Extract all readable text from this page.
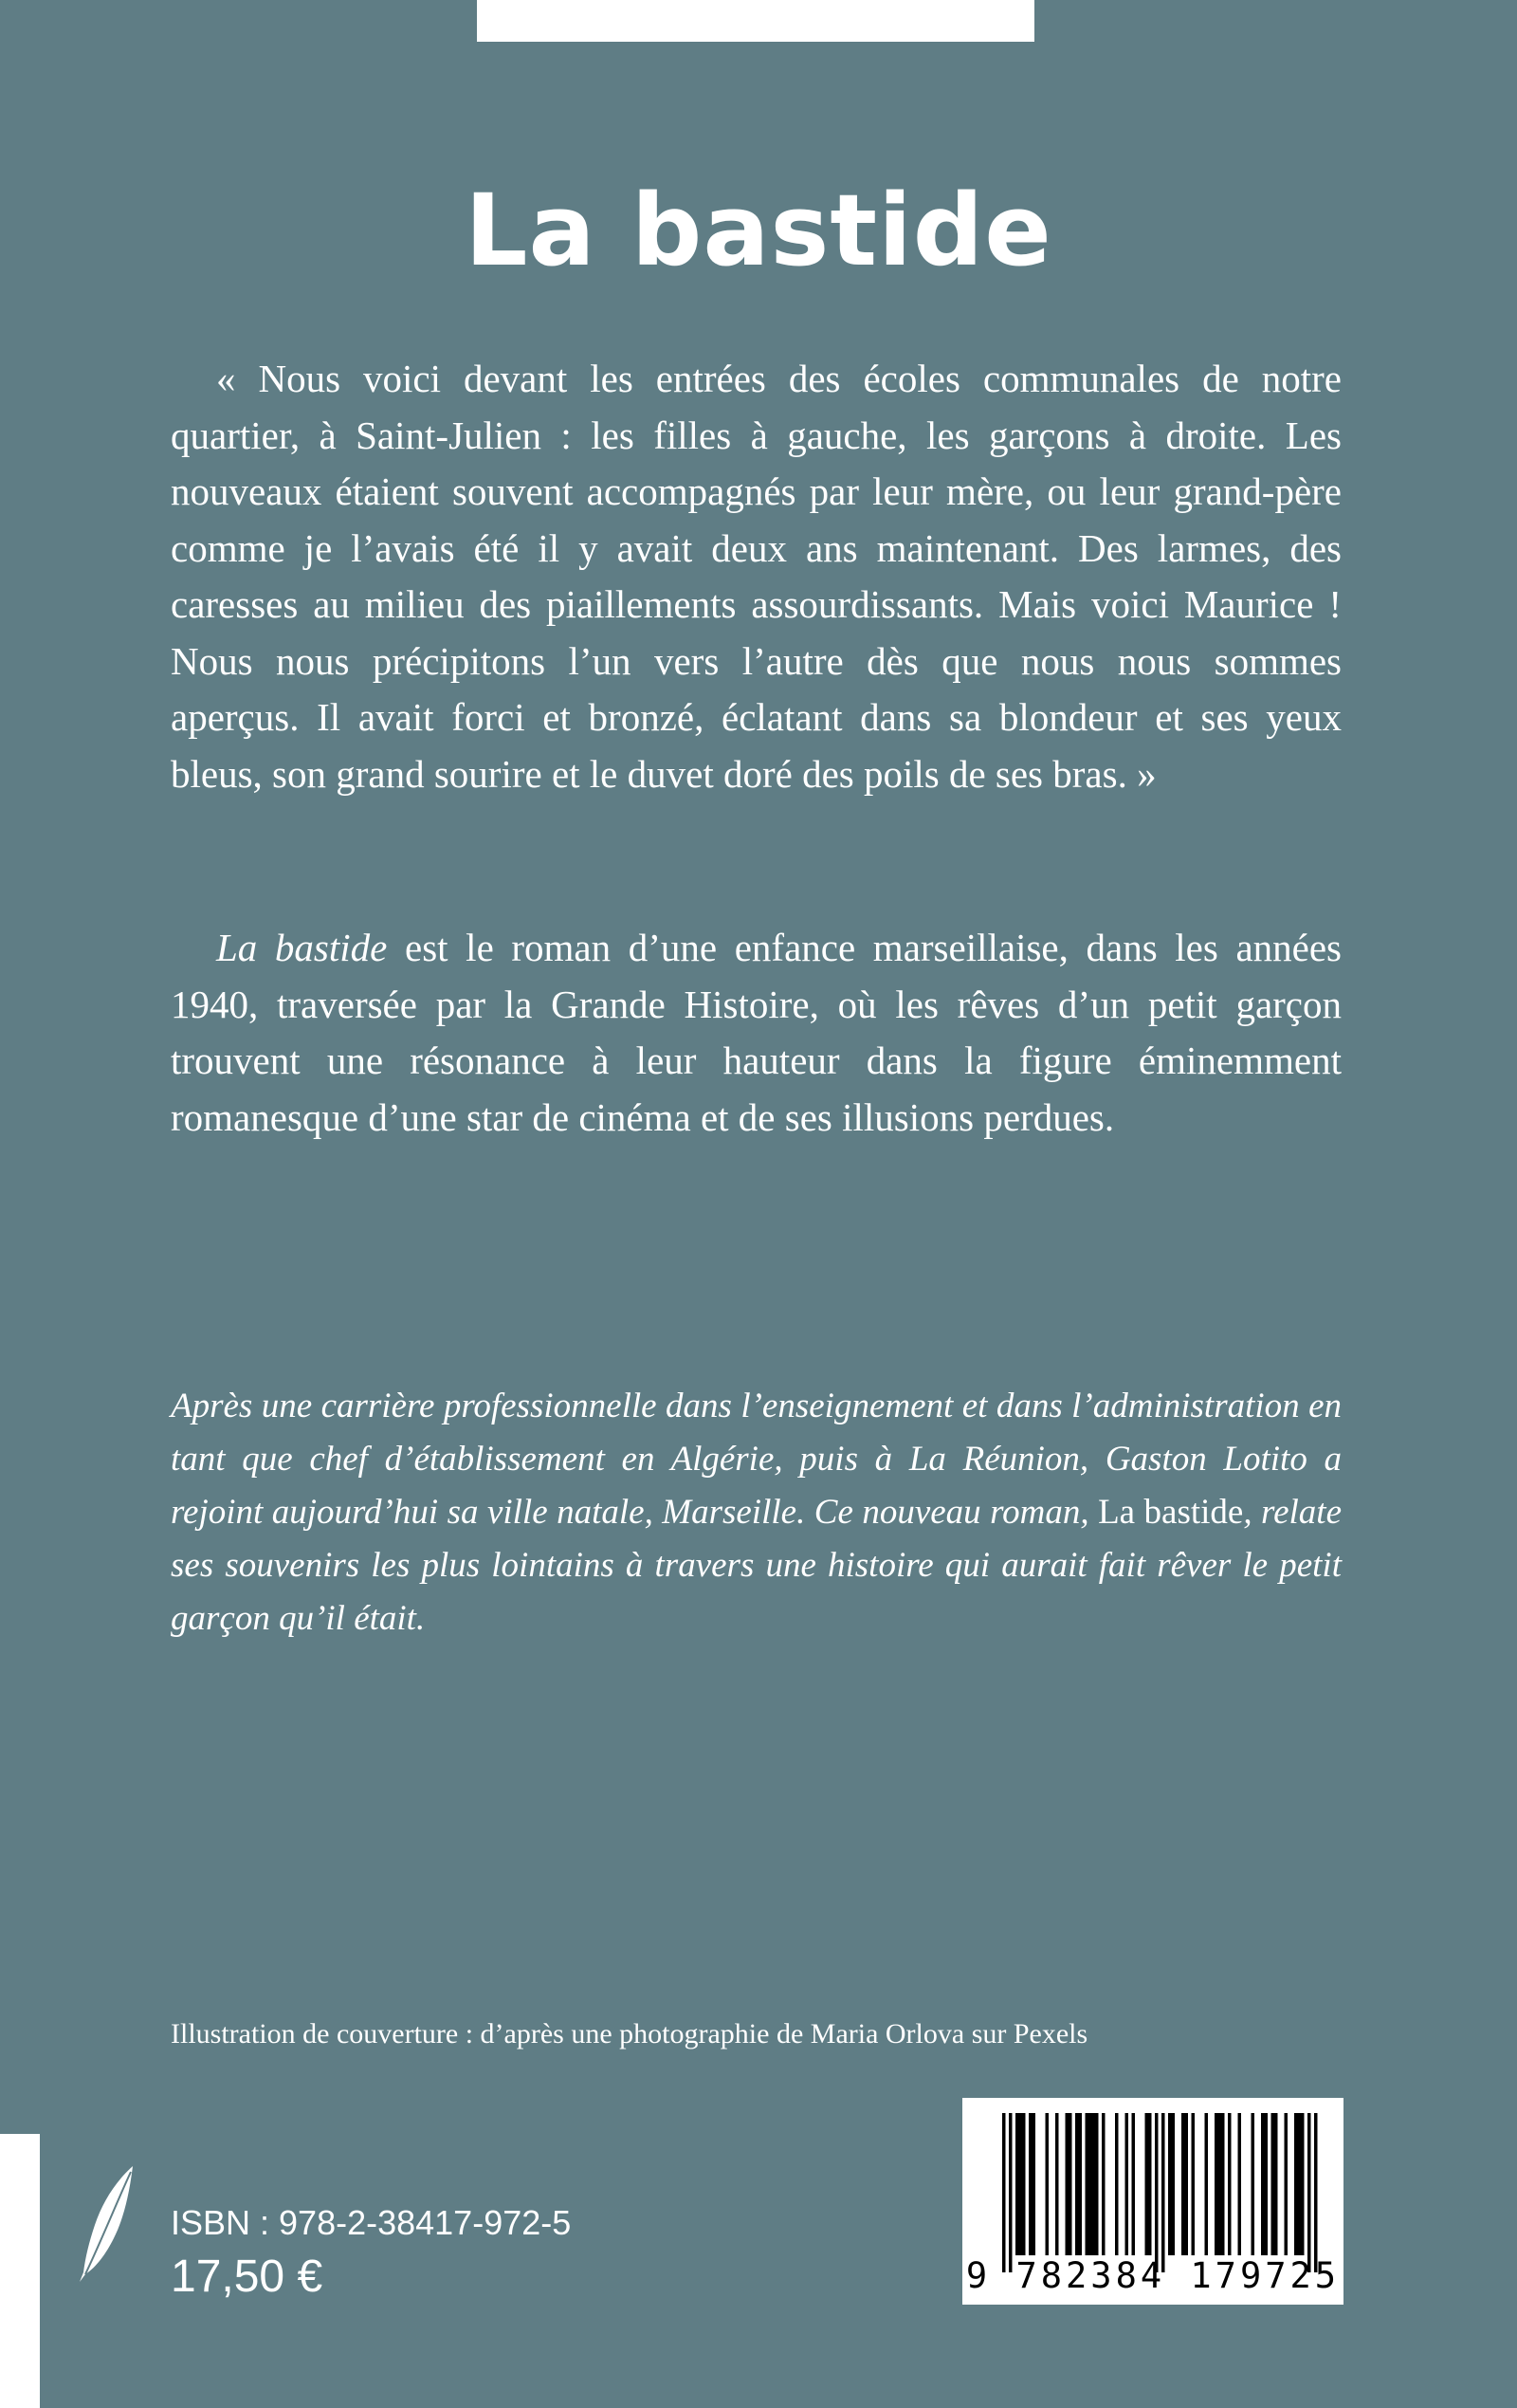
La bastide

« Nous voici devant les entrées des écoles communales de notre quartier, à Saint-Julien : les filles à gauche, les garçons à droite. Les nouveaux étaient souvent accompagnés par leur mère, ou leur grand-père comme je l’avais été il y avait deux ans maintenant. Des larmes, des caresses au milieu des piaillements assourdissants. Mais voici Maurice ! Nous nous précipitons l’un vers l’autre dès que nous nous sommes aperçus. Il avait forci et bronzé, éclatant dans sa blondeur et ses yeux bleus, son grand sourire et le duvet doré des poils de ses bras. »

La bastide est le roman d’une enfance marseillaise, dans les années 1940, traversée par la Grande Histoire, où les rêves d’un petit garçon trouvent une résonance à leur hauteur dans la figure éminemment romanesque d’une star de cinéma et de ses illusions perdues.

Après une carrière professionnelle dans l’enseignement et dans l’administration en tant que chef d’établissement en Algérie, puis à La Réunion, Gaston Lotito a rejoint aujourd’hui sa ville natale, Marseille. Ce nouveau roman, La bastide, relate ses souvenirs les plus lointains à travers une histoire qui aurait fait rêver le petit garçon qu’il était.

Illustration de couverture : d’après une photographie de Maria Orlova sur Pexels

ISBN : 978-2-38417-972-5
17,50 €	9 782384 179725
